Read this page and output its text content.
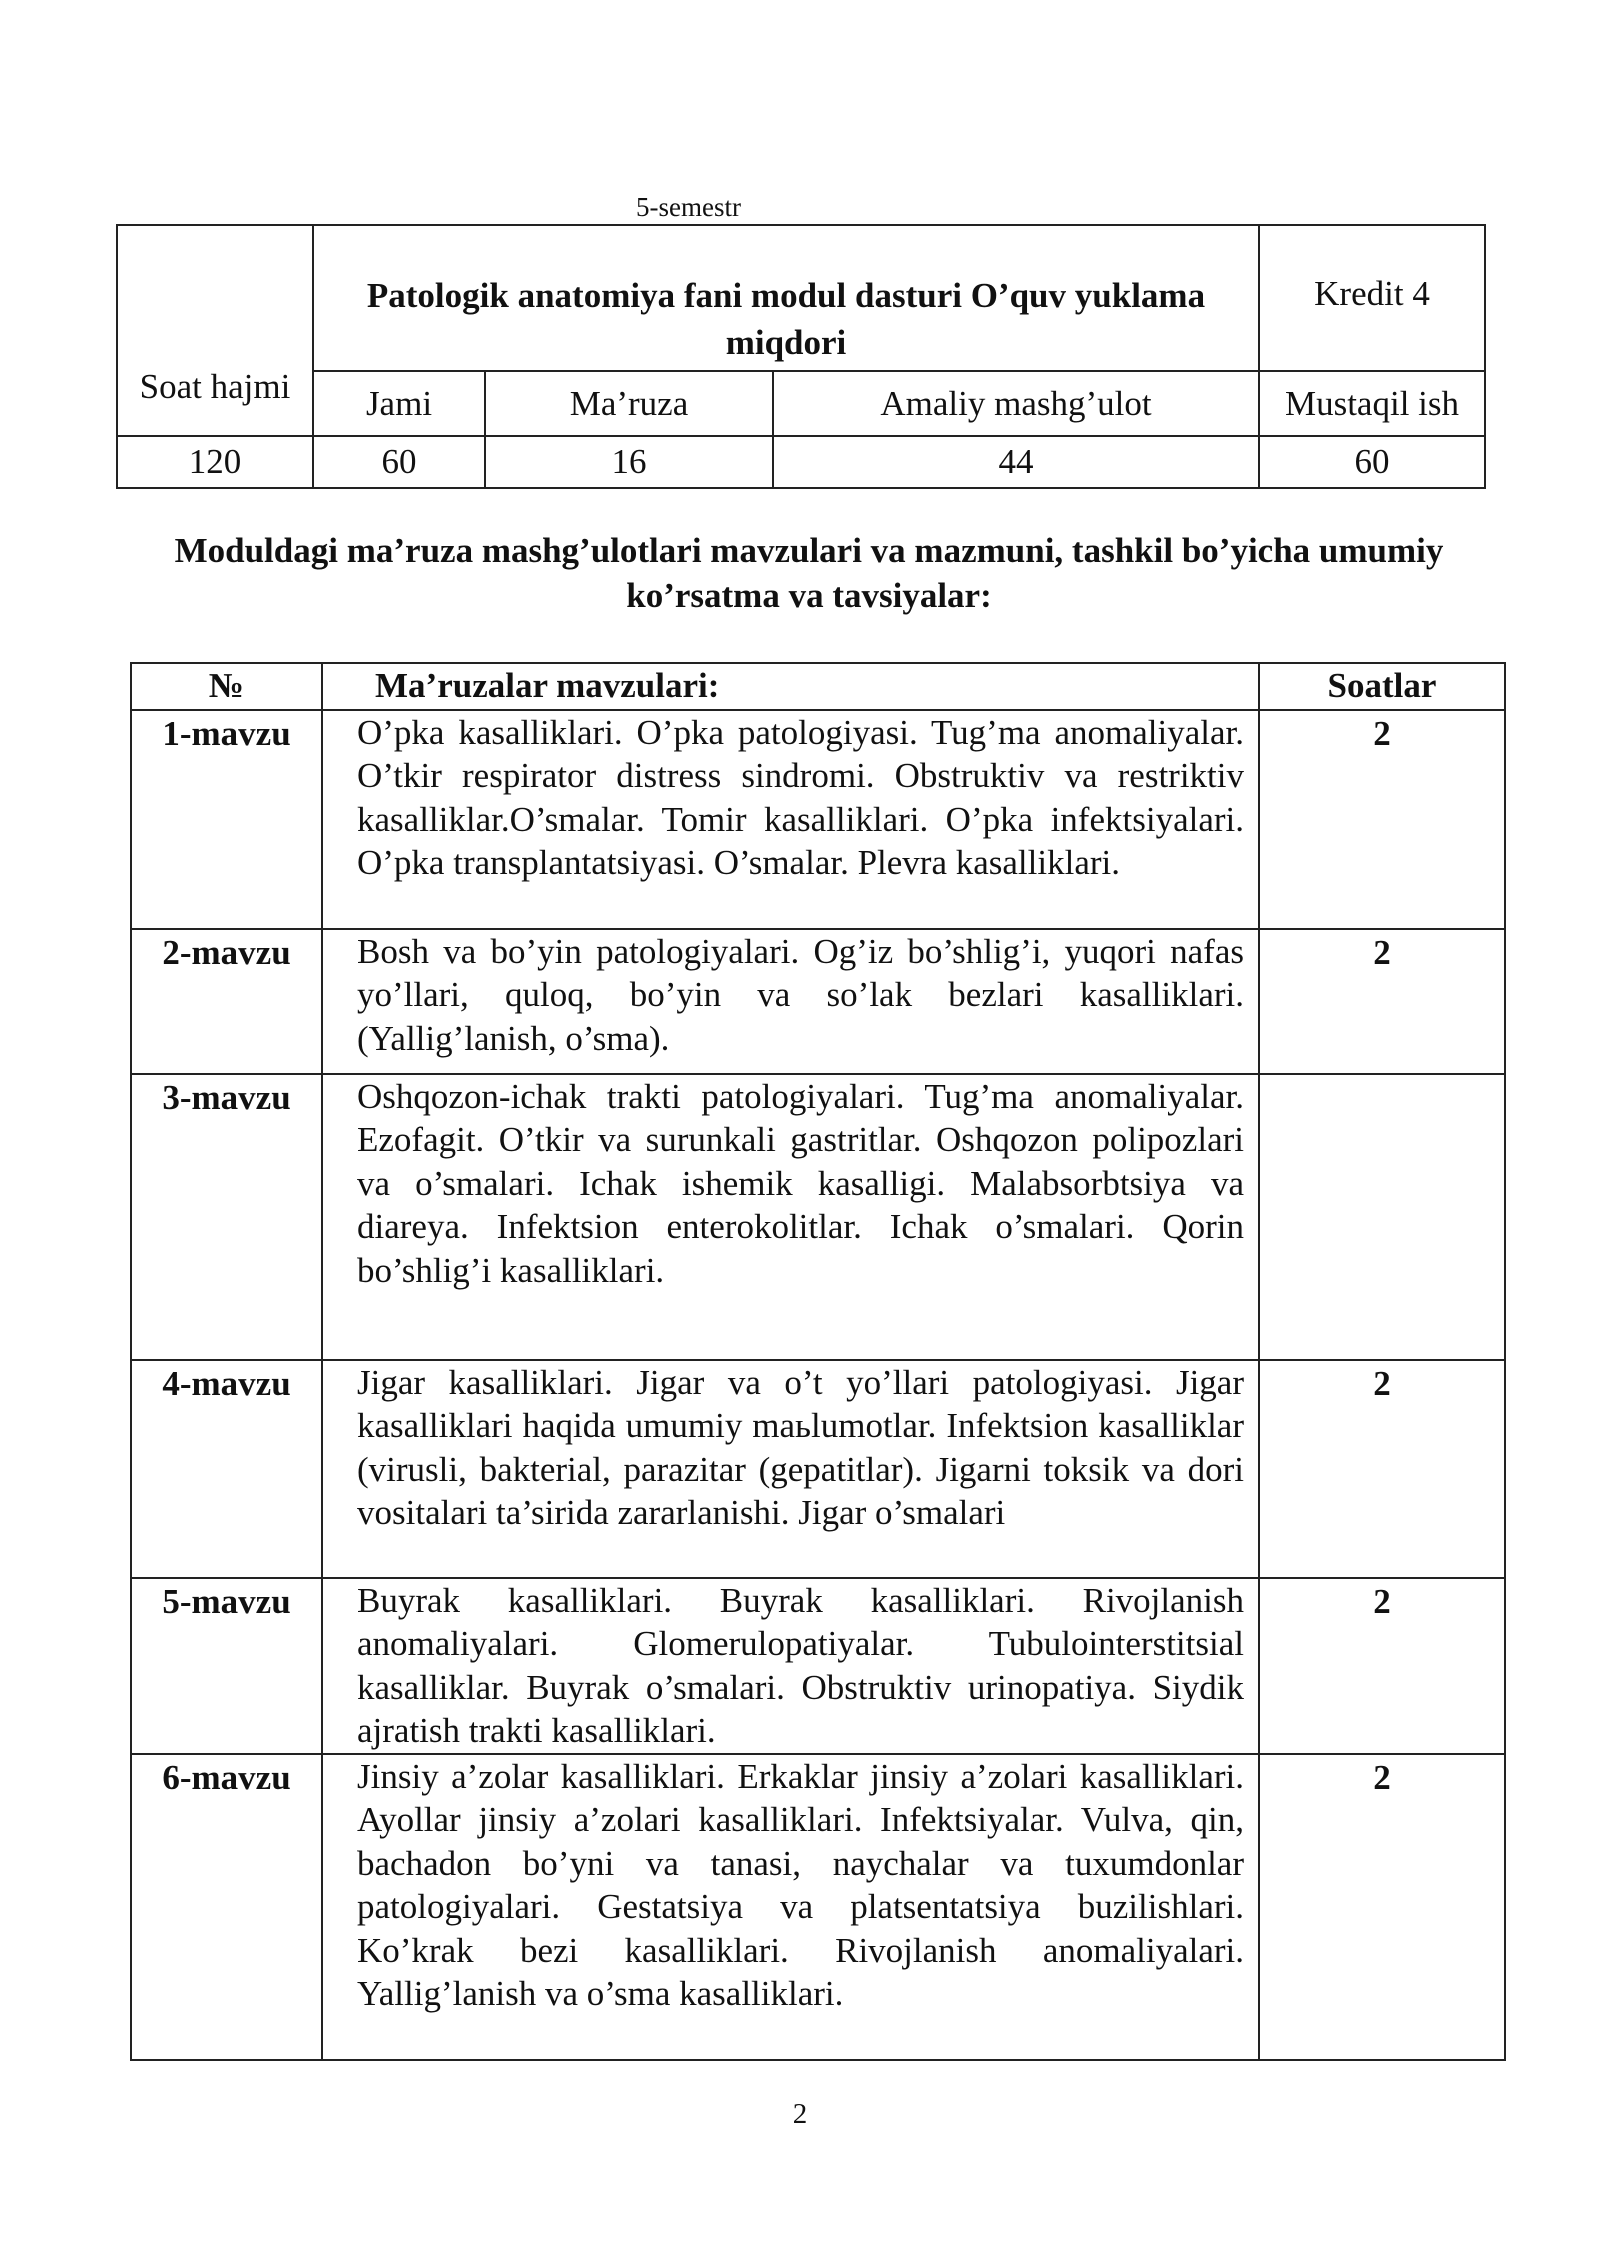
5-semestr
Soat hajmi	Patologik anatomiya fani modul dasturi O’quv yuklama miqdori			Kredit 4
	Jami	Ma’ruza	Amaliy mashg’ulot	Mustaqil ish
120	60	16	44	60
Moduldagi ma’ruza mashg’ulotlari mavzulari va mazmuni, tashkil bo’yicha umumiy ko’rsatma va tavsiyalar:
№	Ma’ruzalar mavzulari:	Soatlar
1-mavzu	O’pka kasalliklari. O’pka patologiyasi. Tug’ma anomaliyalar. O’tkir respirator distress sindromi. Obstruktiv va restriktiv kasalliklar.O’smalar. Tomir kasalliklari. O’pka infektsiyalari. O’pka transplantatsiyasi. O’smalar. Plevra kasalliklari.	2
2-mavzu	Bosh va bo’yin patologiyalari. Og’iz bo’shlig’i, yuqori nafas yo’llari, quloq, bo’yin va so’lak bezlari kasalliklari. (Yallig’lanish, o’sma).	2
3-mavzu	Oshqozon-ichak trakti patologiyalari. Tug’ma anomaliyalar. Ezofagit. O’tkir va surunkali gastritlar. Oshqozon polipozlari va o’smalari. Ichak ishemik kasalligi. Malabsorbtsiya va diareya. Infektsion enterokolitlar. Ichak o’smalari. Qorin bo’shlig’i kasalliklari.	
4-mavzu	Jigar kasalliklari. Jigar va o’t yo’llari patologiyasi. Jigar kasalliklari haqida umumiy maьlumotlar. Infektsion kasalliklar (virusli, bakterial, parazitar (gepatitlar). Jigarni toksik va dori vositalari ta’sirida zararlanishi. Jigar o’smalari	2
5-mavzu	Buyrak kasalliklari. Buyrak kasalliklari. Rivojlanish anomaliyalari. Glomerulopatiyalar. Tubulointerstitsial kasalliklar. Buyrak o’smalari. Obstruktiv urinopatiya. Siydik ajratish trakti kasalliklari.	2
6-mavzu	Jinsiy a’zolar kasalliklari. Erkaklar jinsiy a’zolari kasalliklari. Ayollar jinsiy a’zolari kasalliklari. Infektsiyalar. Vulva, qin, bachadon bo’yni va tanasi, naychalar va tuxumdonlar patologiyalari. Gestatsiya va platsentatsiya buzilishlari. Ko’krak bezi kasalliklari. Rivojlanish anomaliyalari. Yallig’lanish va o’sma kasalliklari.	2
2
